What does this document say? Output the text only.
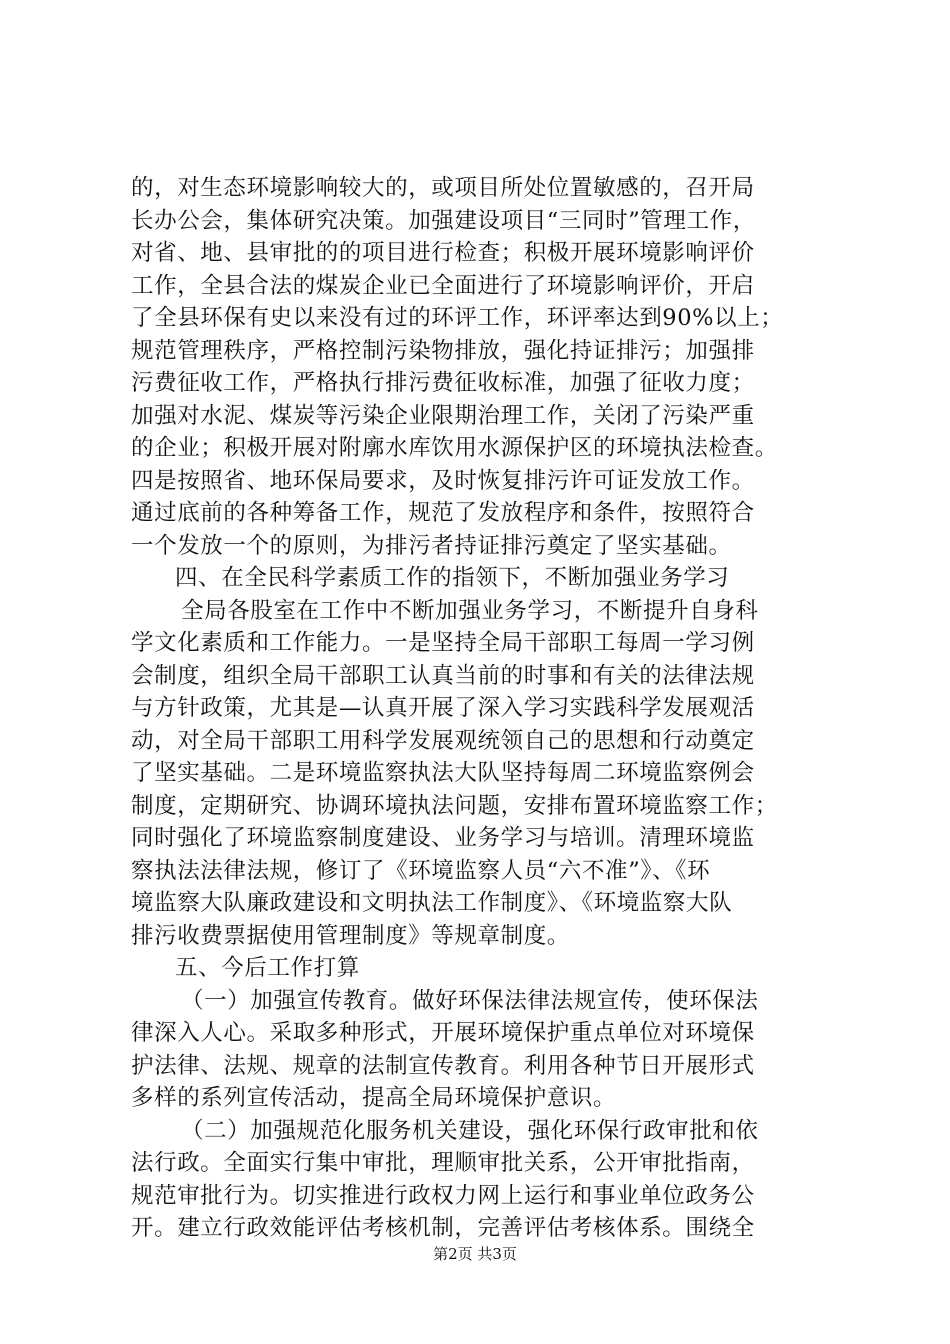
的，对生态环境影响较大的，或项目所处位置敏感的，召开局
长办公会，集体研究决策。加强建设项目“三同时”管理工作，
对省、地、县审批的的项目进行检查；积极开展环境影响评价
工作，全县合法的煤炭企业已全面进行了环境影响评价，开启
了全县环保有史以来没有过的环评工作，环评率达到90%以上；
规范管理秩序，严格控制污染物排放，强化持证排污；加强排
污费征收工作，严格执行排污费征收标准，加强了征收力度；
加强对水泥、煤炭等污染企业限期治理工作，关闭了污染严重
的企业；积极开展对附廓水库饮用水源保护区的环境执法检查。
四是按照省、地环保局要求，及时恢复排污许可证发放工作。
通过底前的各种筹备工作，规范了发放程序和条件，按照符合
一个发放一个的原则，为排污者持证排污奠定了坚实基础。
四、在全民科学素质工作的指领下，不断加强业务学习
全局各股室在工作中不断加强业务学习，不断提升自身科
学文化素质和工作能力。一是坚持全局干部职工每周一学习例
会制度，组织全局干部职工认真当前的时事和有关的法律法规
与方针政策，尤其是—认真开展了深入学习实践科学发展观活
动，对全局干部职工用科学发展观统领自己的思想和行动奠定
了坚实基础。二是环境监察执法大队坚持每周二环境监察例会
制度，定期研究、协调环境执法问题，安排布置环境监察工作；
同时强化了环境监察制度建设、业务学习与培训。清理环境监
察执法法律法规，修订了《环境监察人员“六不准”》、《环
境监察大队廉政建设和文明执法工作制度》、《环境监察大队
排污收费票据使用管理制度》等规章制度。
五、今后工作打算
（一）加强宣传教育。做好环保法律法规宣传，使环保法
律深入人心。采取多种形式，开展环境保护重点单位对环境保
护法律、法规、规章的法制宣传教育。利用各种节日开展形式
多样的系列宣传活动，提高全局环境保护意识。
（二）加强规范化服务机关建设，强化环保行政审批和依
法行政。全面实行集中审批，理顺审批关系，公开审批指南，
规范审批行为。切实推进行政权力网上运行和事业单位政务公
开。建立行政效能评估考核机制，完善评估考核体系。围绕全
第2页 共3页
